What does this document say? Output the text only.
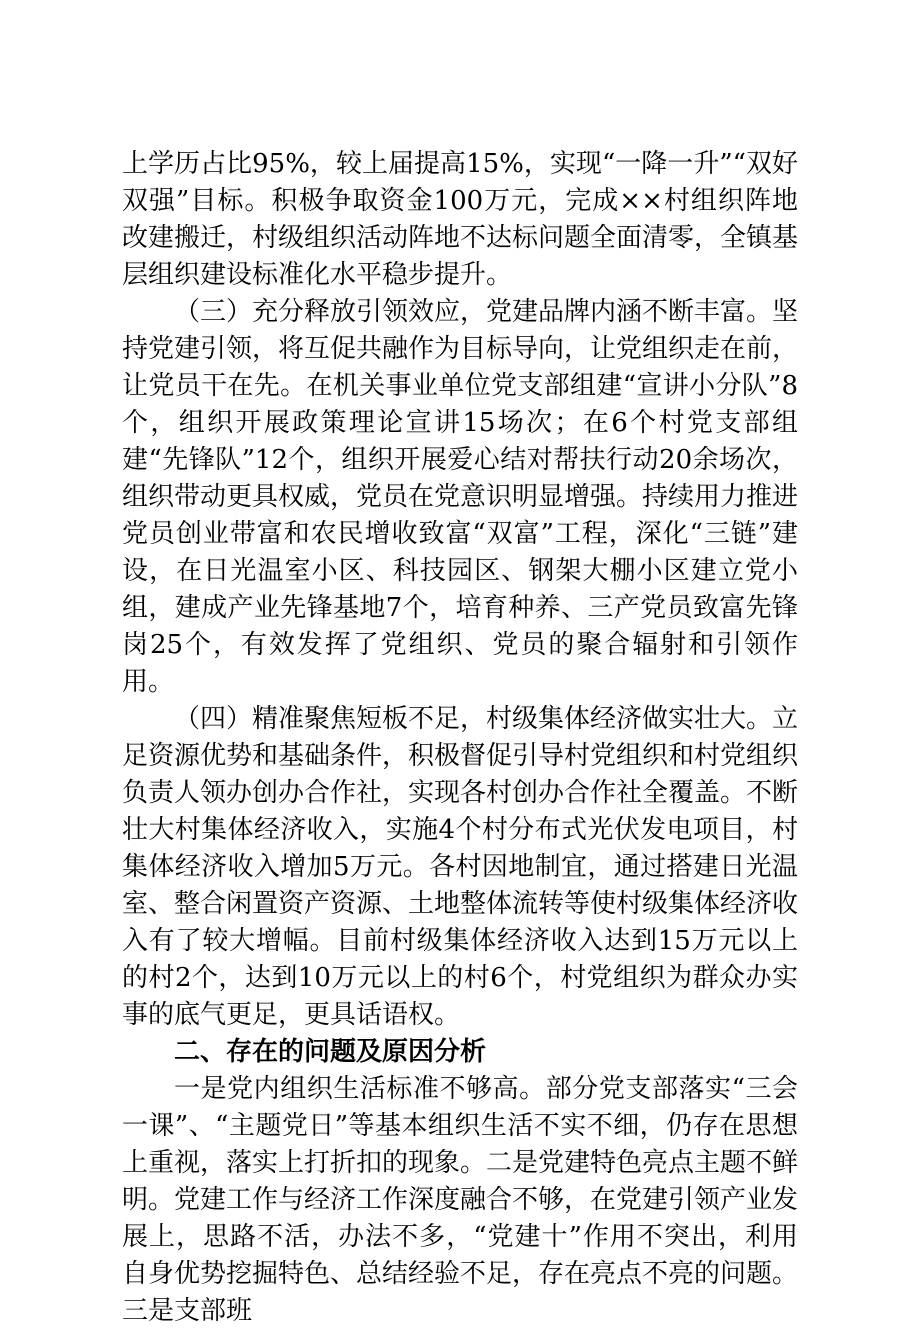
上学历占比95%，较上届提高15%，实现“一降一升”“双好双强”目标。积极争取资金100万元，完成××村组织阵地改建搬迁，村级组织活动阵地不达标问题全面清零，全镇基层组织建设标准化水平稳步提升。

（三）充分释放引领效应，党建品牌内涵不断丰富。坚持党建引领，将互促共融作为目标导向，让党组织走在前，让党员干在先。在机关事业单位党支部组建“宣讲小分队”8个，组织开展政策理论宣讲15场次；在6个村党支部组建“先锋队”12个，组织开展爱心结对帮扶行动20余场次，组织带动更具权威，党员在党意识明显增强。持续用力推进党员创业带富和农民增收致富“双富”工程，深化“三链”建设，在日光温室小区、科技园区、钢架大棚小区建立党小组，建成产业先锋基地7个，培育种养、三产党员致富先锋岗25个，有效发挥了党组织、党员的聚合辐射和引领作用。

（四）精准聚焦短板不足，村级集体经济做实壮大。立足资源优势和基础条件，积极督促引导村党组织和村党组织负责人领办创办合作社，实现各村创办合作社全覆盖。不断壮大村集体经济收入，实施4个村分布式光伏发电项目，村集体经济收入增加5万元。各村因地制宜，通过搭建日光温室、整合闲置资产资源、土地整体流转等使村级集体经济收入有了较大增幅。目前村级集体经济收入达到15万元以上的村2个，达到10万元以上的村6个，村党组织为群众办实事的底气更足，更具话语权。

二、存在的问题及原因分析

一是党内组织生活标准不够高。部分党支部落实“三会一课”、“主题党日”等基本组织生活不实不细，仍存在思想上重视，落实上打折扣的现象。二是党建特色亮点主题不鲜明。党建工作与经济工作深度融合不够，在党建引领产业发展上，思路不活，办法不多，“党建十”作用不突出，利用自身优势挖掘特色、总结经验不足，存在亮点不亮的问题。三是支部班
